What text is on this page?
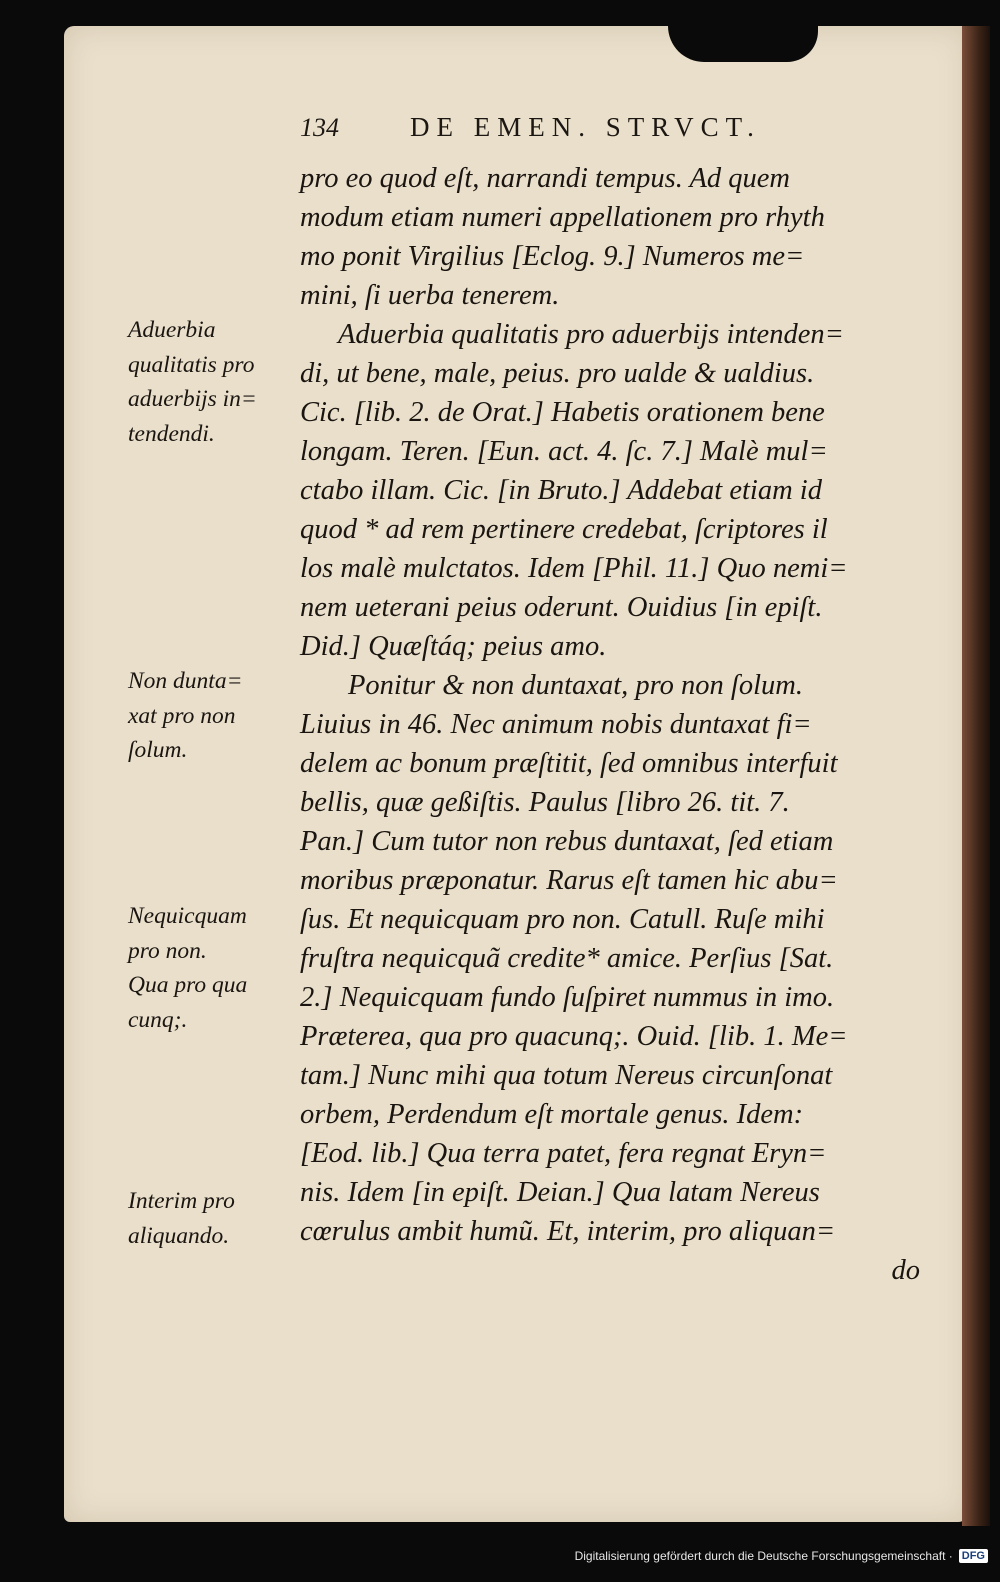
134	DE EMEN. STRVCT.
pro eo quod eſt, narrandi tempus. Ad quem
modum etiam numeri appellationem pro rhyth
mo ponit Virgilius [Eclog. 9.] Numeros me=
mini, ſi uerba tenerem.
Aduerbia qualitatis pro aduerbijs intenden=
di, ut bene, male, peius. pro ualde & ualdius.
Cic. [lib. 2. de Orat.] Habetis orationem bene
longam. Teren. [Eun. act. 4. ſc. 7.] Malè mul=
ctabo illam. Cic. [in Bruto.] Addebat etiam id
quod * ad rem pertinere credebat, ſcriptores il
los malè mulctatos. Idem [Phil. 11.] Quo nemi=
nem ueterani peius oderunt. Ouidius [in epiſt.
Did.] Quæſtáq; peius amo.
Ponitur & non duntaxat, pro non ſolum.
Liuius in 46. Nec animum nobis duntaxat fi=
delem ac bonum præſtitit, ſed omnibus interfuit
bellis, quæ geßiſtis. Paulus [libro 26. tit. 7.
Pan.] Cum tutor non rebus duntaxat, ſed etiam
moribus præponatur. Rarus eſt tamen hic abu=
ſus. Et nequicquam pro non. Catull. Ruſe mihi
fruſtra nequicquã credite* amice. Perſius [Sat.
2.] Nequicquam fundo ſuſpiret nummus in imo.
Præterea, qua pro quacunq;. Ouid. [lib. 1. Me=
tam.] Nunc mihi qua totum Nereus circunſonat
orbem, Perdendum eſt mortale genus. Idem:
[Eod. lib.] Qua terra patet, fera regnat Eryn=
nis. Idem [in epiſt. Deian.] Qua latam Nereus
cœrulus ambit humũ. Et, interim, pro aliquan=
do
Aduerbia
qualitatis pro
aduerbijs in=
tendendi.
Non dunta=
xat pro non
ſolum.
Nequicquam
pro non.
Qua pro qua
cunq;.
Interim pro
aliquando.
Digitalisierung gefördert durch die Deutsche Forschungsgemeinschaft · DFG
